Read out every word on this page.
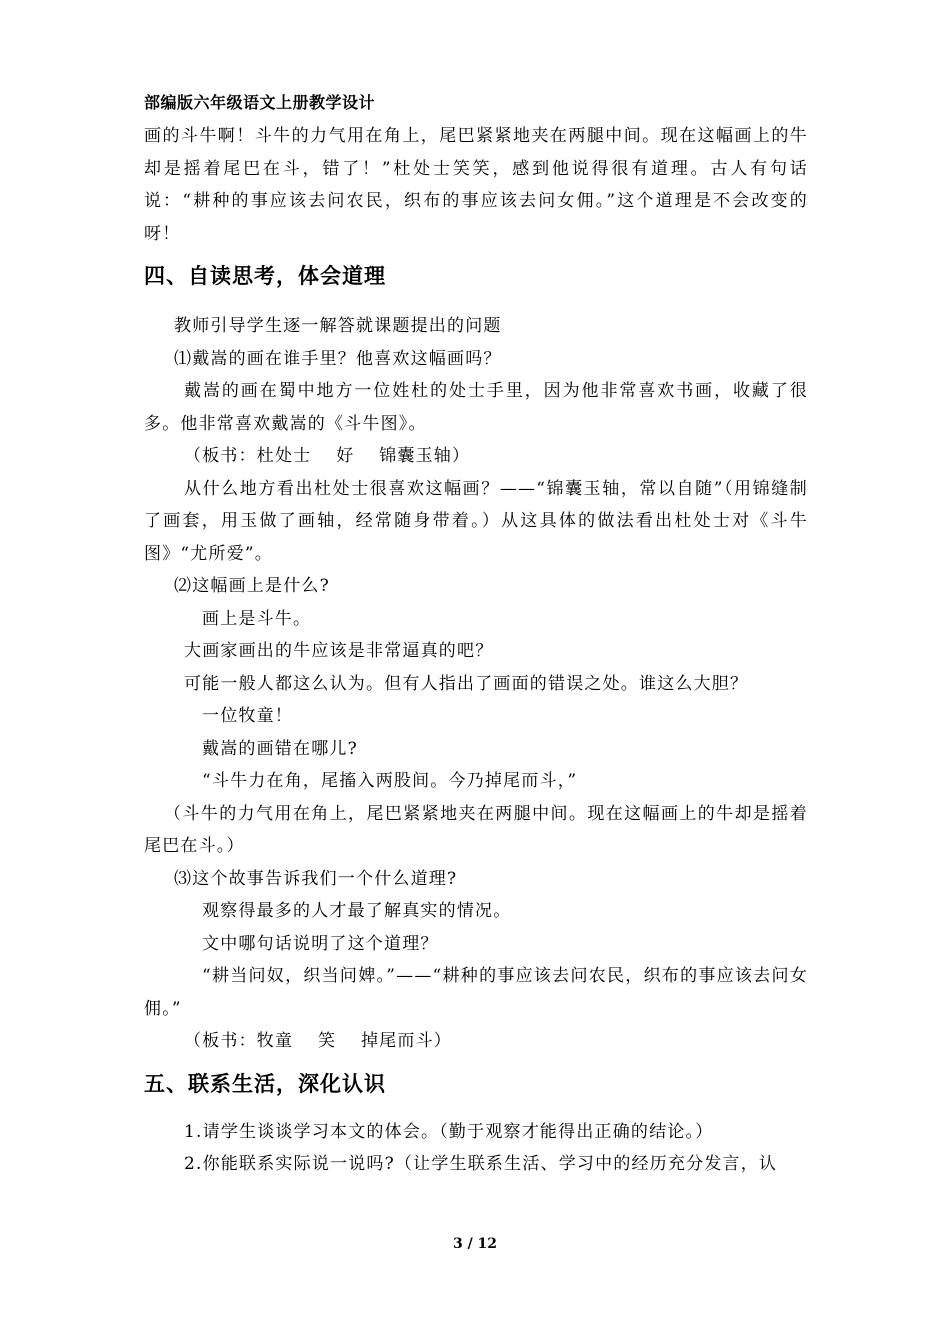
部编版六年级语文上册教学设计

画的斗牛啊！斗牛的力气用在角上，尾巴紧紧地夹在两腿中间。现在这幅画上的牛却是摇着尾巴在斗，错了！”杜处士笑笑，感到他说得很有道理。古人有句话说：“耕种的事应该去问农民，织布的事应该去问女佣。”这个道理是不会改变的呀！

四、自读思考，体会道理

教师引导学生逐一解答就课题提出的问题

⑴戴嵩的画在谁手里？他喜欢这幅画吗？

戴嵩的画在蜀中地方一位姓杜的处士手里，因为他非常喜欢书画，收藏了很多。他非常喜欢戴嵩的《斗牛图》。

（板书：杜处士　 好　 锦囊玉轴）

从什么地方看出杜处士很喜欢这幅画？——“锦囊玉轴，常以自随”（用锦缝制了画套，用玉做了画轴，经常随身带着。）从这具体的做法看出杜处士对《斗牛图》“尤所爱”。

⑵这幅画上是什么?

画上是斗牛。

大画家画出的牛应该是非常逼真的吧？

可能一般人都这么认为。但有人指出了画面的错误之处。谁这么大胆？

一位牧童！

戴嵩的画错在哪儿?

“斗牛力在角，尾搐入两股间。今乃掉尾而斗，”

（斗牛的力气用在角上，尾巴紧紧地夹在两腿中间。现在这幅画上的牛却是摇着尾巴在斗。）

⑶这个故事告诉我们一个什么道理?

观察得最多的人才最了解真实的情况。

文中哪句话说明了这个道理？

“耕当问奴，织当问婢。”——“耕种的事应该去问农民，织布的事应该去问女佣。”

（板书：牧童　 笑　 掉尾而斗）

五、联系生活，深化认识

1.请学生谈谈学习本文的体会。（勤于观察才能得出正确的结论。）

2.你能联系实际说一说吗?（让学生联系生活、学习中的经历充分发言，认

3 / 12
